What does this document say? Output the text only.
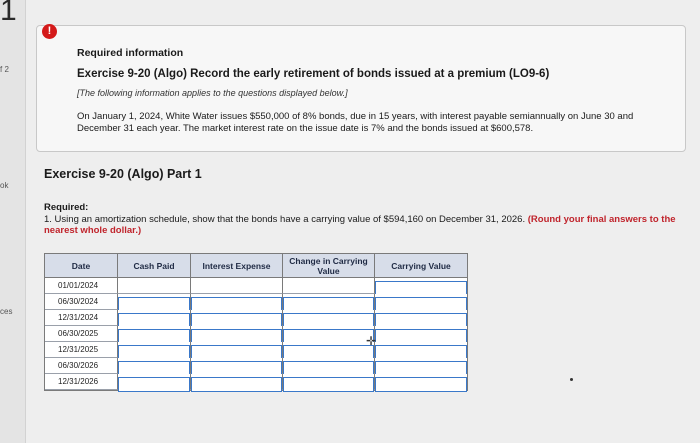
1
f 2
ok
ces
!
Required information
Exercise 9-20 (Algo) Record the early retirement of bonds issued at a premium (LO9-6)
[The following information applies to the questions displayed below.]
On January 1, 2024, White Water issues $550,000 of 8% bonds, due in 15 years, with interest payable semiannually on June 30 and December 31 each year. The market interest rate on the issue date is 7% and the bonds issued at $600,578.
Exercise 9-20 (Algo) Part 1
Required:
1. Using an amortization schedule, show that the bonds have a carrying value of $594,160 on December 31, 2026. (Round your final answers to the nearest whole dollar.)
Date	Cash Paid	Interest Expense	Change in Carrying Value	Carrying Value
01/01/2024
06/30/2024
12/31/2024
06/30/2025
12/31/2025
06/30/2026
12/31/2026
✛
